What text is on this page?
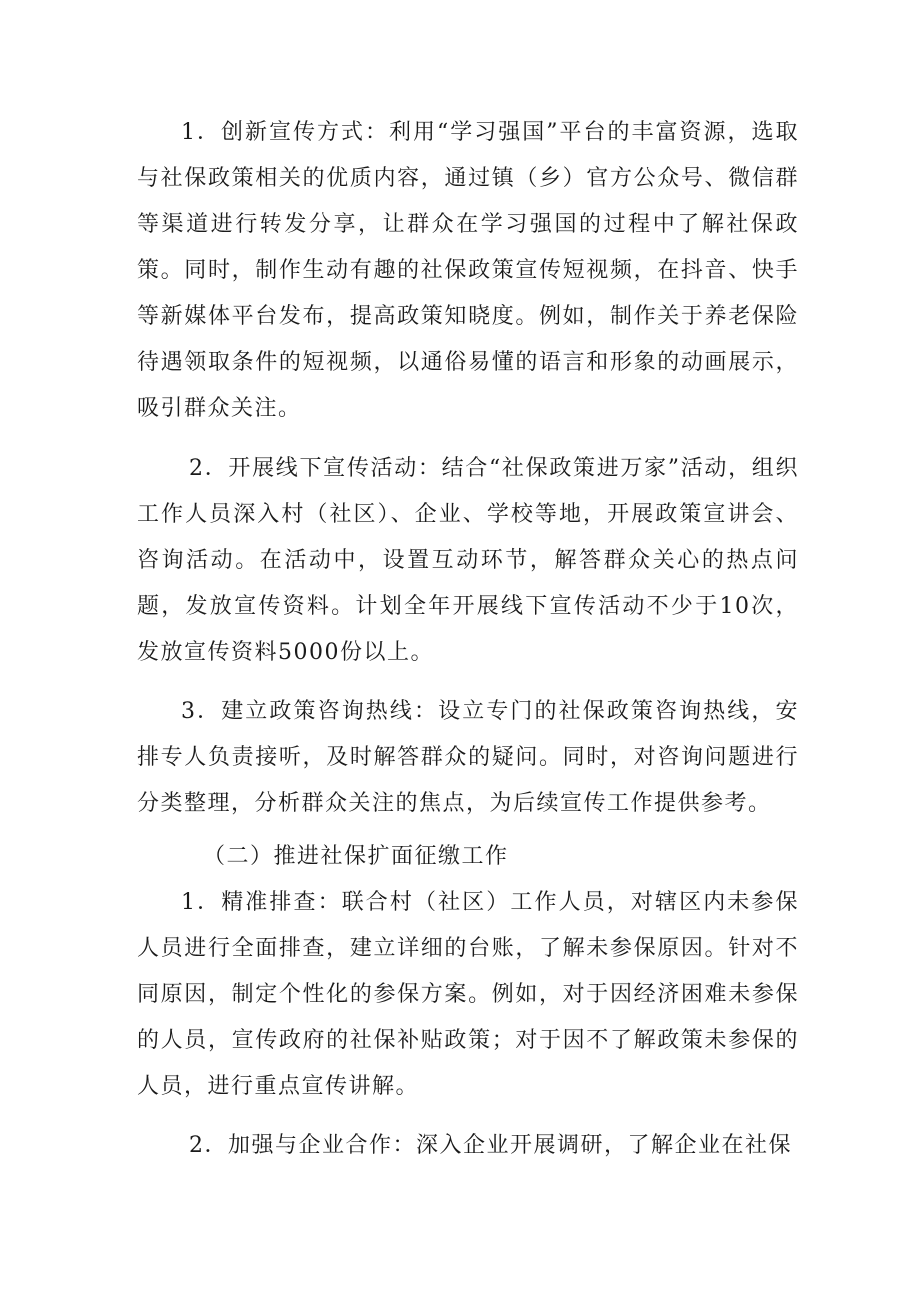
1．创新宣传方式：利用“学习强国”平台的丰富资源，选取与社保政策相关的优质内容，通过镇（乡）官方公众号、微信群等渠道进行转发分享，让群众在学习强国的过程中了解社保政策。同时，制作生动有趣的社保政策宣传短视频，在抖音、快手等新媒体平台发布，提高政策知晓度。例如，制作关于养老保险待遇领取条件的短视频，以通俗易懂的语言和形象的动画展示，吸引群众关注。

2．开展线下宣传活动：结合“社保政策进万家”活动，组织工作人员深入村（社区）、企业、学校等地，开展政策宣讲会、咨询活动。在活动中，设置互动环节，解答群众关心的热点问题，发放宣传资料。计划全年开展线下宣传活动不少于10次，发放宣传资料5000份以上。

3．建立政策咨询热线：设立专门的社保政策咨询热线，安排专人负责接听，及时解答群众的疑问。同时，对咨询问题进行分类整理，分析群众关注的焦点，为后续宣传工作提供参考。

（二）推进社保扩面征缴工作

1．精准排查：联合村（社区）工作人员，对辖区内未参保人员进行全面排查，建立详细的台账，了解未参保原因。针对不同原因，制定个性化的参保方案。例如，对于因经济困难未参保的人员，宣传政府的社保补贴政策；对于因不了解政策未参保的人员，进行重点宣传讲解。

2．加强与企业合作：深入企业开展调研，了解企业在社保
